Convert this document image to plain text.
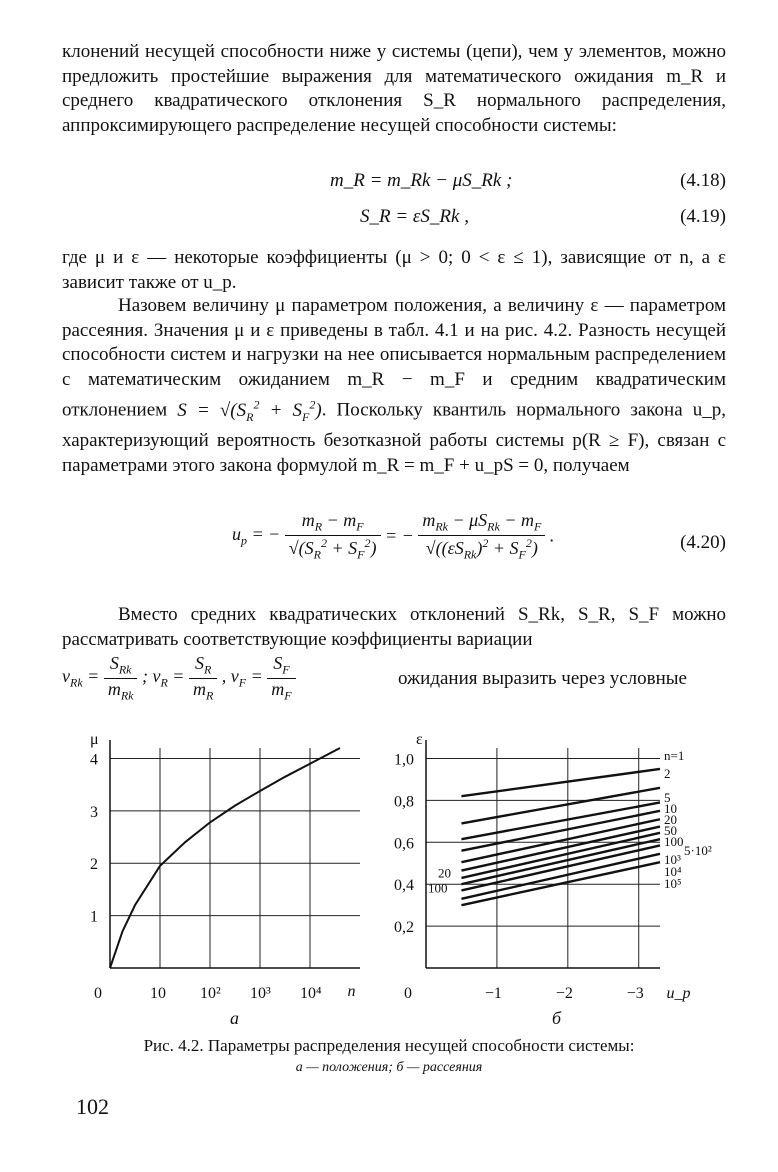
клонений несущей способности ниже у системы (цепи), чем у элементов, можно предложить простейшие выражения для математического ожидания m_R и среднего квадратического отклонения S_R нормального распределения, аппроксимирующего распределение несущей способности системы:
m_R = m_Rk − μS_Rk ;	(4.18)
S_R = εS_Rk ,	(4.19)
где μ и ε — некоторые коэффициенты (μ > 0; 0 < ε ≤ 1), зависящие от n, а ε зависит также от u_p.
Назовем величину μ параметром положения, а величину ε — параметром рассеяния. Значения μ и ε приведены в табл. 4.1 и на рис. 4.2. Разность несущей способности систем и нагрузки на нее описывается нормальным распределением с математическим ожиданием m_R − m_F и средним квадратическим отклонением $S = √(S_R^2 + S_F^2)$. Поскольку квантиль нормального закона u_p, характеризующий вероятность безотказной работы системы p(R ≥ F), связан с параметрами этого закона формулой m_R = m_F + u_pS = 0, получаем
$u_p$ = − $\frac{m_R - m_F}{√(S_R^2 + S_F^2)}$ = − $\frac{m_{Rk} - \mu S_{Rk} - m_F}{√((\varepsilon S_{Rk})^2 + S_F^2)}$ .	(4.20)
Вместо средних квадратических отклонений S_Rk, S_R, S_F можно рассматривать соответствующие коэффициенты вариации
$v_{Rk} = \frac{S_{Rk}}{m_{Rk}}$ ; $v_R = \frac{S_R}{m_R}$ , $v_F = \frac{S_F}{m_F}$	ожидания выразить через условные
1
2
3
4
μ
0	10 10² 10³ 10⁴ n
а
0,2
0,4
0,6
0,8
1,0
ε
0	−1	−2	−3 u_p
б
n=1
2
5
10
20
50
100
5·10²
10³
10⁴
10⁵
20
100
Рис. 4.2. Параметры распределения несущей способности системы:
а — положения; б — рассеяния
102
